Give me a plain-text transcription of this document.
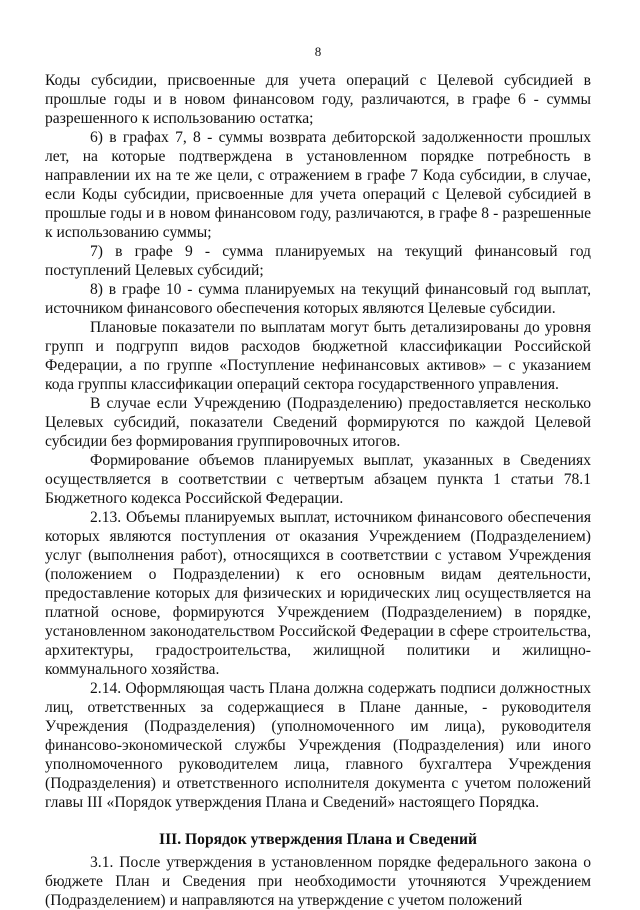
8

Коды субсидии, присвоенные для учета операций с Целевой субсидией в прошлые годы и в новом финансовом году, различаются, в графе 6 - суммы разрешенного к использованию остатка;

6) в графах 7, 8 - суммы возврата дебиторской задолженности прошлых лет, на которые подтверждена в установленном порядке потребность в направлении их на те же цели, с отражением в графе 7 Кода субсидии, в случае, если Коды субсидии, присвоенные для учета операций с Целевой субсидией в прошлые годы и в новом финансовом году, различаются, в графе 8 - разрешенные к использованию суммы;

7) в графе 9 - сумма планируемых на текущий финансовый год поступлений Целевых субсидий;

8) в графе 10 - сумма планируемых на текущий финансовый год выплат, источником финансового обеспечения которых являются Целевые субсидии.

Плановые показатели по выплатам могут быть детализированы до уровня групп и подгрупп видов расходов бюджетной классификации Российской Федерации, а по группе «Поступление нефинансовых активов» – с указанием кода группы классификации операций сектора государственного управления.

В случае если Учреждению (Подразделению) предоставляется несколько Целевых субсидий, показатели Сведений формируются по каждой Целевой субсидии без формирования группировочных итогов.

Формирование объемов планируемых выплат, указанных в Сведениях осуществляется в соответствии с четвертым абзацем пункта 1 статьи 78.1 Бюджетного кодекса Российской Федерации.

2.13. Объемы планируемых выплат, источником финансового обеспечения которых являются поступления от оказания Учреждением (Подразделением) услуг (выполнения работ), относящихся в соответствии с уставом Учреждения (положением о Подразделении) к его основным видам деятельности, предоставление которых для физических и юридических лиц осуществляется на платной основе, формируются Учреждением (Подразделением) в порядке, установленном законодательством Российской Федерации в сфере строительства, архитектуры, градостроительства, жилищной политики и жилищно-коммунального хозяйства.

2.14. Оформляющая часть Плана должна содержать подписи должностных лиц, ответственных за содержащиеся в Плане данные, - руководителя Учреждения (Подразделения) (уполномоченного им лица), руководителя финансово-экономической службы Учреждения (Подразделения) или иного уполномоченного руководителем лица, главного бухгалтера Учреждения (Подразделения) и ответственного исполнителя документа с учетом положений главы III «Порядок утверждения Плана и Сведений» настоящего Порядка.

III. Порядок утверждения Плана и Сведений

3.1. После утверждения в установленном порядке федерального закона о бюджете План и Сведения при необходимости уточняются Учреждением (Подразделением) и направляются на утверждение с учетом положений
